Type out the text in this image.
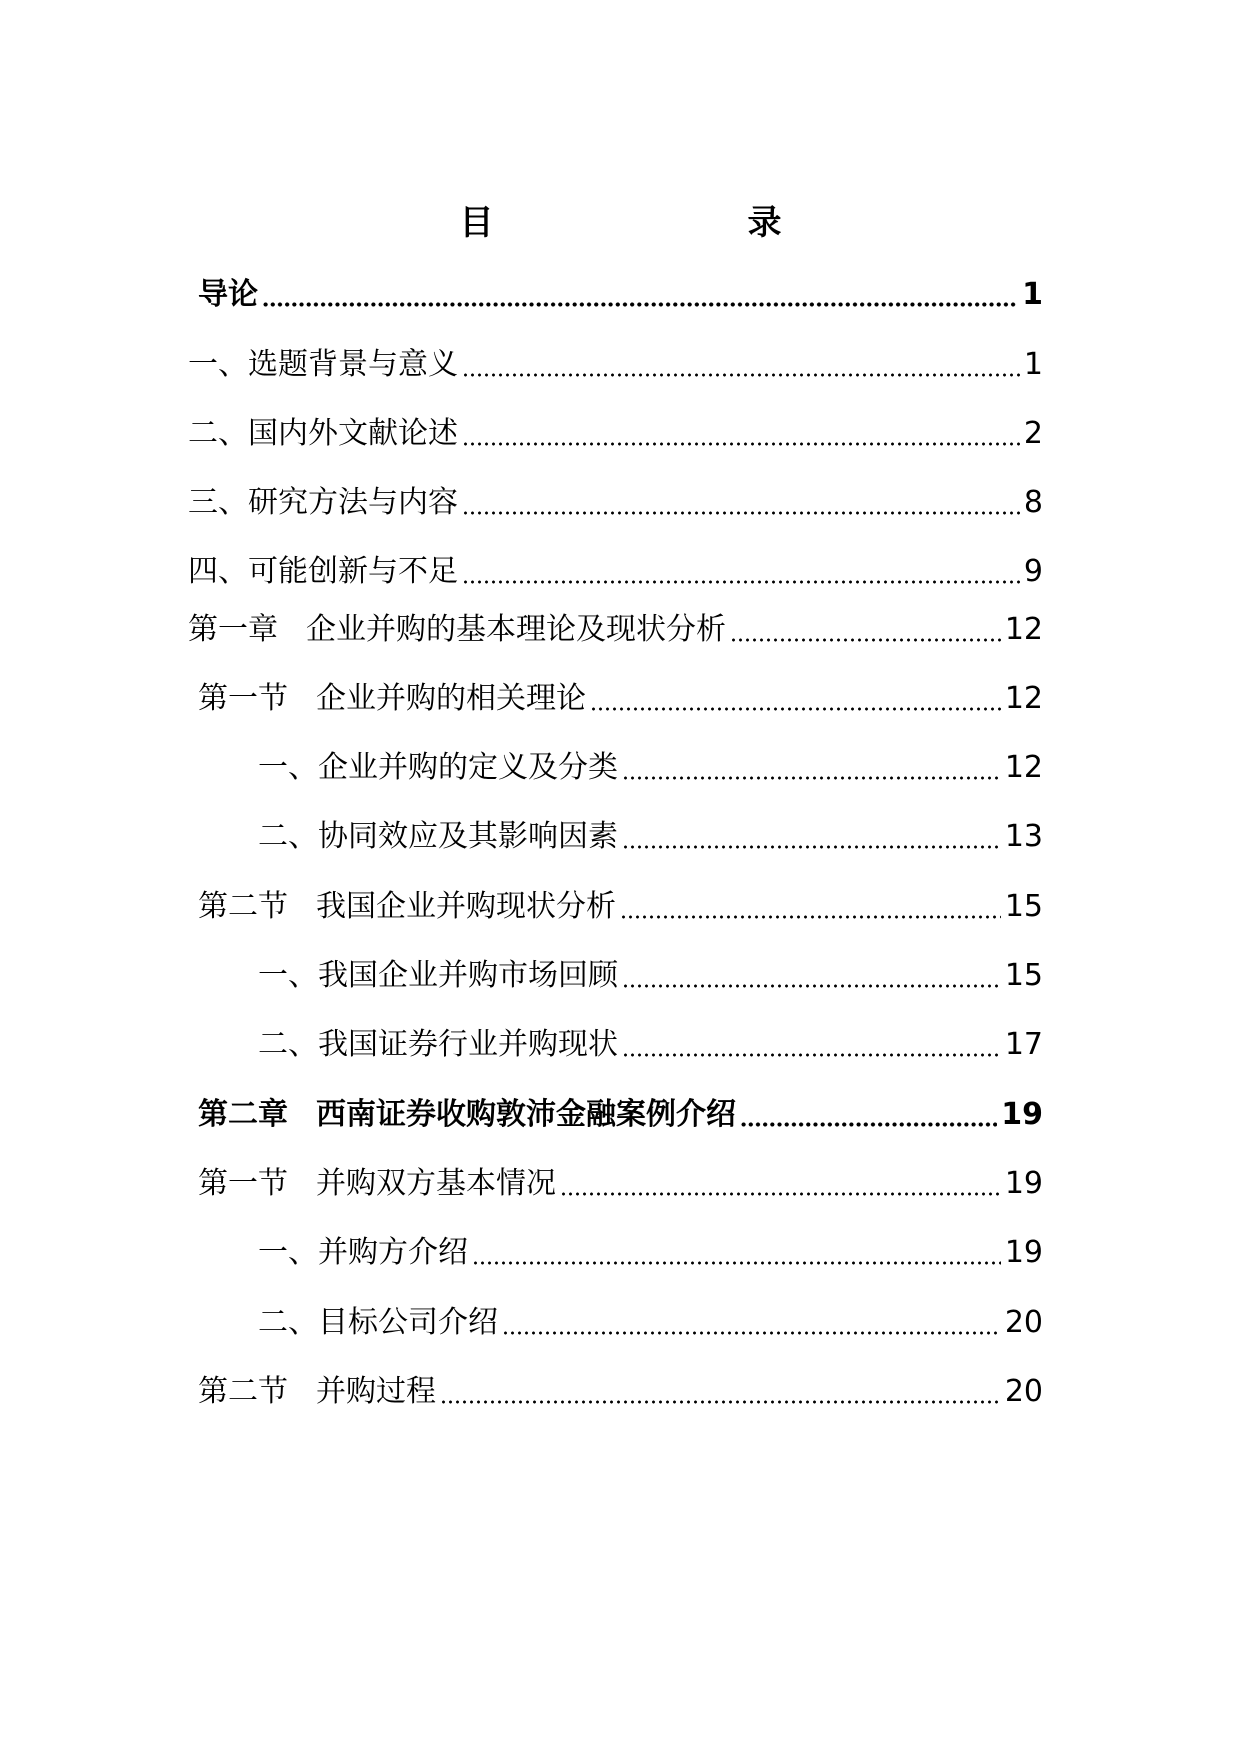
目　　录
导论	1
一、选题背景与意义	1
二、国内外文献论述	2
三、研究方法与内容	8
四、可能创新与不足	9
第一章 企业并购的基本理论及现状分析	12
第一节 企业并购的相关理论	12
一、企业并购的定义及分类	12
二、协同效应及其影响因素	13
第二节 我国企业并购现状分析	15
一、我国企业并购市场回顾	15
二、我国证券行业并购现状	17
第二章 西南证券收购敦沛金融案例介绍	19
第一节 并购双方基本情况	19
一、并购方介绍	19
二、目标公司介绍	20
第二节 并购过程	20
